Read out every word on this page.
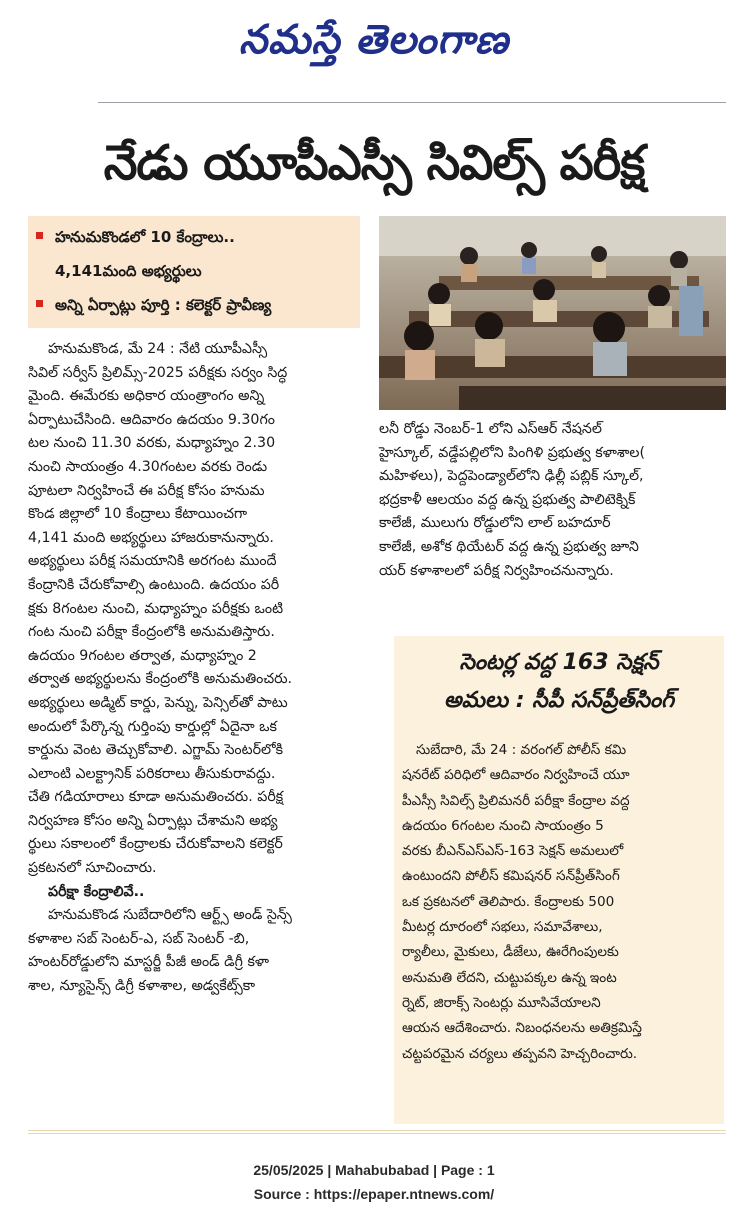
నమస్తే తెలంగాణ
నేడు యూపీఎస్సీ సివిల్స్ పరీక్ష
హనుమకొండలో 10 కేంద్రాలు..
4,141మంది అభ్యర్థులు
అన్ని ఏర్పాట్లు పూర్తి : కలెక్టర్ ప్రావీణ్య

హనుమకొండ, మే 24 : నేటి యూపీఎస్సీ

సివిల్ సర్వీస్ ప్రిలిమ్స్-2025 పరీక్షకు సర్వం సిద్ధ

మైంది. ఈమేరకు అధికార యంత్రాంగం అన్ని

ఏర్పాటుచేసింది. ఆదివారం ఉదయం 9.30గం

టల నుంచి 11.30 వరకు, మధ్యాహ్నం 2.30

నుంచి సాయంత్రం 4.30గంటల వరకు రెండు

పూటలా నిర్వహించే ఈ పరీక్ష కోసం హనుమ

కొండ జిల్లాలో 10 కేంద్రాలు కేటాయించగా

4,141 మంది అభ్యర్థులు హాజరుకానున్నారు.

అభ్యర్థులు పరీక్ష సమయానికి అరగంట ముందే

కేంద్రానికి చేరుకోవాల్సి ఉంటుంది. ఉదయం పరీ

క్షకు 8గంటల నుంచి, మధ్యాహ్నం పరీక్షకు ఒంటి

గంట నుంచి పరీక్షా కేంద్రంలోకి అనుమతిస్తారు.

ఉదయం 9గంటల తర్వాత, మధ్యాహ్నం 2

తర్వాత అభ్యర్థులను కేంద్రంలోకి అనుమతించరు.

అభ్యర్థులు అడ్మిట్ కార్డు, పెన్ను, పెన్సిల్‌తో పాటు

అందులో పేర్కొన్న గుర్తింపు కార్డుల్లో ఏదైనా ఒక

కార్డును వెంట తెచ్చుకోవాలి. ఎగ్జామ్ సెంటర్‌లోకి

ఎలాంటి ఎలక్ట్రానిక్ పరికరాలు తీసుకురావద్దు.

చేతి గడియారాలు కూడా అనుమతించరు. పరీక్ష

నిర్వహణ కోసం అన్ని ఏర్పాట్లు చేశామని అభ్య

ర్థులు సకాలంలో కేంద్రాలకు చేరుకోవాలని కలెక్టర్

ప్రకటనలో సూచించారు.

పరీక్షా కేంద్రాలివే..

హనుమకొండ సుబేదారిలోని ఆర్ట్స్ అండ్ సైన్స్

కళాశాల సబ్ సెంటర్-ఎ, సబ్ సెంటర్ -బి,

హంటర్‌రోడ్డులోని మాస్టర్జీ పీజీ అండ్ డిగ్రీ కళా

శాల, న్యూసైన్స్ డిగ్రీ కళాశాల, అడ్వకేట్స్‌కా

లనీ రోడ్డు నెంబర్-1 లోని ఎస్ఆర్ నేషనల్

హైస్కూల్, వడ్డేపల్లిలోని పింగిళి ప్రభుత్వ కళాశాల(

మహిళలు), పెద్దపెండ్యాల్‌లోని ఢిల్లీ పబ్లిక్ స్కూల్,

భద్రకాళీ ఆలయం వద్ద ఉన్న ప్రభుత్వ పాలిటెక్నిక్

కాలేజీ, ములుగు రోడ్డులోని లాల్ బహదూర్

కాలేజీ, అశోక థియేటర్ వద్ద ఉన్న ప్రభుత్వ జూని

యర్ కళాశాలలో పరీక్ష నిర్వహించనున్నారు.

సెంటర్ల వద్ద 163 సెక్షన్
అమలు : సీపీ సన్‌ప్రీత్‌సింగ్

సుబేదారి, మే 24 : వరంగల్ పోలీస్ కమి

షనరేట్ పరిధిలో ఆదివారం నిర్వహించే యూ

పీఎస్సీ సివిల్స్ ప్రిలిమనరీ పరీక్షా కేంద్రాల వద్ద

ఉదయం 6గంటల నుంచి సాయంత్రం 5

వరకు బీఎన్ఎస్ఎస్-163 సెక్షన్ అమలులో

ఉంటుందని పోలీస్ కమిషనర్ సన్‌ప్రీత్‌సింగ్

ఒక ప్రకటనలో తెలిపారు. కేంద్రాలకు 500

మీటర్ల దూరంలో సభలు, సమావేశాలు,

ర్యాలీలు, మైకులు, డీజేలు, ఊరేగింపులకు

అనుమతి లేదని, చుట్టుపక్కల ఉన్న ఇంట

ర్నెట్, జిరాక్స్ సెంటర్లు మూసివేయాలని

ఆయన ఆదేశించారు. నిబంధనలను అతిక్రమిస్తే

చట్టపరమైన చర్యలు తప్పవని హెచ్చరించారు.

25/05/2025 | Mahabubabad | Page : 1
Source : https://epaper.ntnews.com/
